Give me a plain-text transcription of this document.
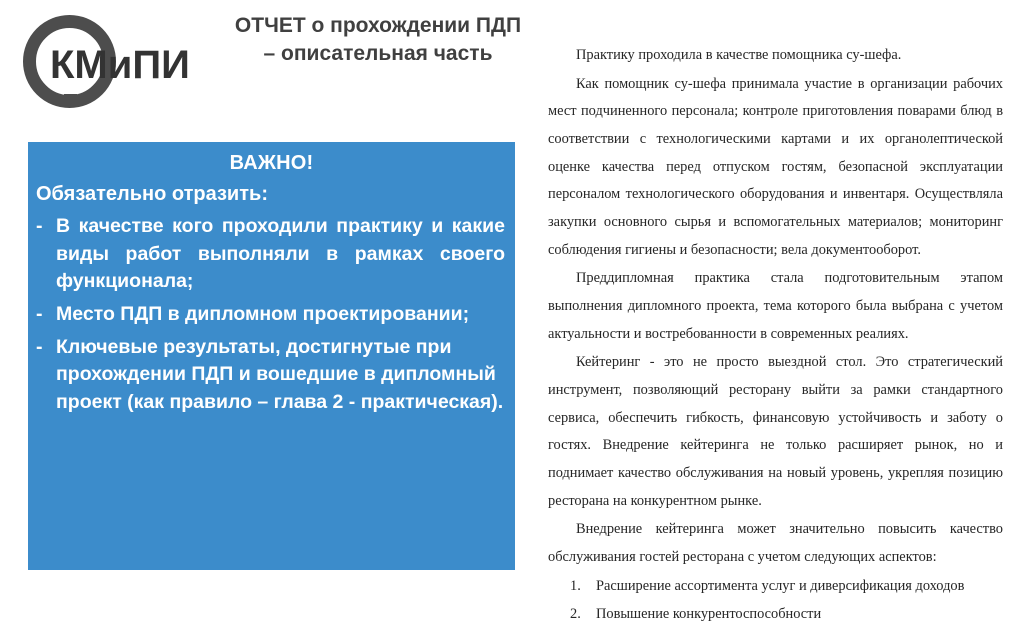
КМиПИ
ОТЧЕТ о прохождении ПДП – описательная часть
ВАЖНО!
Обязательно отразить:
- В качестве кого проходили практику и какие виды работ выполняли в рамках своего функционала;
- Место ПДП в дипломном проектировании;
- Ключевые результаты, достигнутые при прохождении ПДП и вошедшие в дипломный проект (как правило – глава 2 - практическая).

Практику проходила в качестве помощника су-шефа.

Как помощник су-шефа принимала участие в организации рабочих мест подчиненного персонала; контроле приготовления поварами блюд в соответствии с технологическими картами и их органолептической оценке качества перед отпуском гостям, безопасной эксплуатации персоналом технологического оборудования и инвентаря. Осуществляла закупки основного сырья и вспомогательных материалов; мониторинг соблюдения гигиены и безопасности; вела документооборот.

Преддипломная практика стала подготовительным этапом выполнения дипломного проекта, тема которого была выбрана с учетом актуальности и востребованности в современных реалиях.

Кейтеринг - это не просто выездной стол. Это стратегический инструмент, позволяющий ресторану выйти за рамки стандартного сервиса, обеспечить гибкость, финансовую устойчивость и заботу о гостях. Внедрение кейтеринга не только расширяет рынок, но и поднимает качество обслуживания на новый уровень, укрепляя позицию ресторана на конкурентном рынке.

Внедрение кейтеринга может значительно повысить качество обслуживания гостей ресторана с учетом следующих аспектов:

1.	Расширение ассортимента услуг и диверсификация доходов
2.	Повышение конкурентоспособности
